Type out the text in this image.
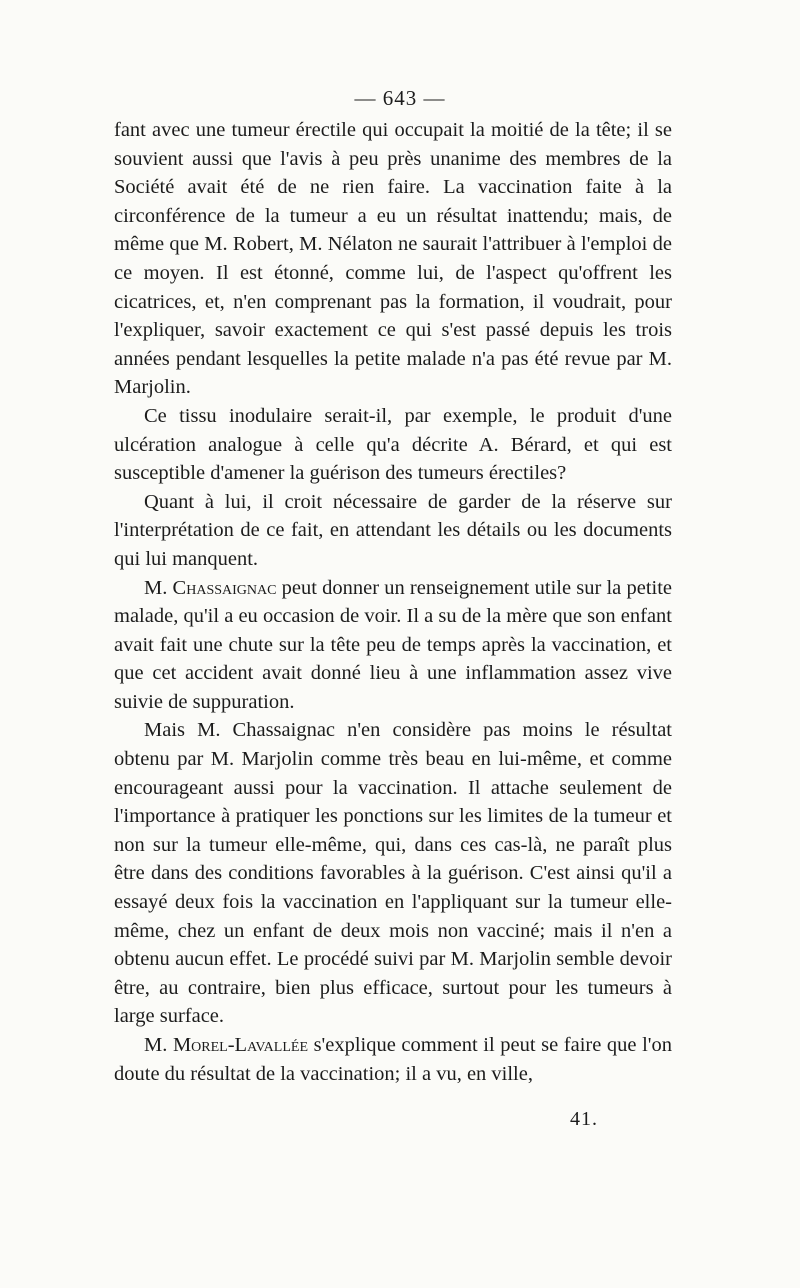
— 643 —

fant avec une tumeur érectile qui occupait la moitié de la tête; il se souvient aussi que l'avis à peu près unanime des membres de la Société avait été de ne rien faire. La vaccination faite à la circonférence de la tumeur a eu un résultat inattendu; mais, de même que M. Robert, M. Nélaton ne saurait l'attribuer à l'emploi de ce moyen. Il est étonné, comme lui, de l'aspect qu'offrent les cicatrices, et, n'en comprenant pas la formation, il voudrait, pour l'expliquer, savoir exactement ce qui s'est passé depuis les trois années pendant lesquelles la petite malade n'a pas été revue par M. Marjolin.

Ce tissu inodulaire serait-il, par exemple, le produit d'une ulcération analogue à celle qu'a décrite A. Bérard, et qui est susceptible d'amener la guérison des tumeurs érectiles?

Quant à lui, il croit nécessaire de garder de la réserve sur l'interprétation de ce fait, en attendant les détails ou les documents qui lui manquent.

M. Chassaignac peut donner un renseignement utile sur la petite malade, qu'il a eu occasion de voir. Il a su de la mère que son enfant avait fait une chute sur la tête peu de temps après la vaccination, et que cet accident avait donné lieu à une inflammation assez vive suivie de suppuration.

Mais M. Chassaignac n'en considère pas moins le résultat obtenu par M. Marjolin comme très beau en lui-même, et comme encourageant aussi pour la vaccination. Il attache seulement de l'importance à pratiquer les ponctions sur les limites de la tumeur et non sur la tumeur elle-même, qui, dans ces cas-là, ne paraît plus être dans des conditions favorables à la guérison. C'est ainsi qu'il a essayé deux fois la vaccination en l'appliquant sur la tumeur elle-même, chez un enfant de deux mois non vacciné; mais il n'en a obtenu aucun effet. Le procédé suivi par M. Marjolin semble devoir être, au contraire, bien plus efficace, surtout pour les tumeurs à large surface.

M. Morel-Lavallée s'explique comment il peut se faire que l'on doute du résultat de la vaccination; il a vu, en ville,

41.
